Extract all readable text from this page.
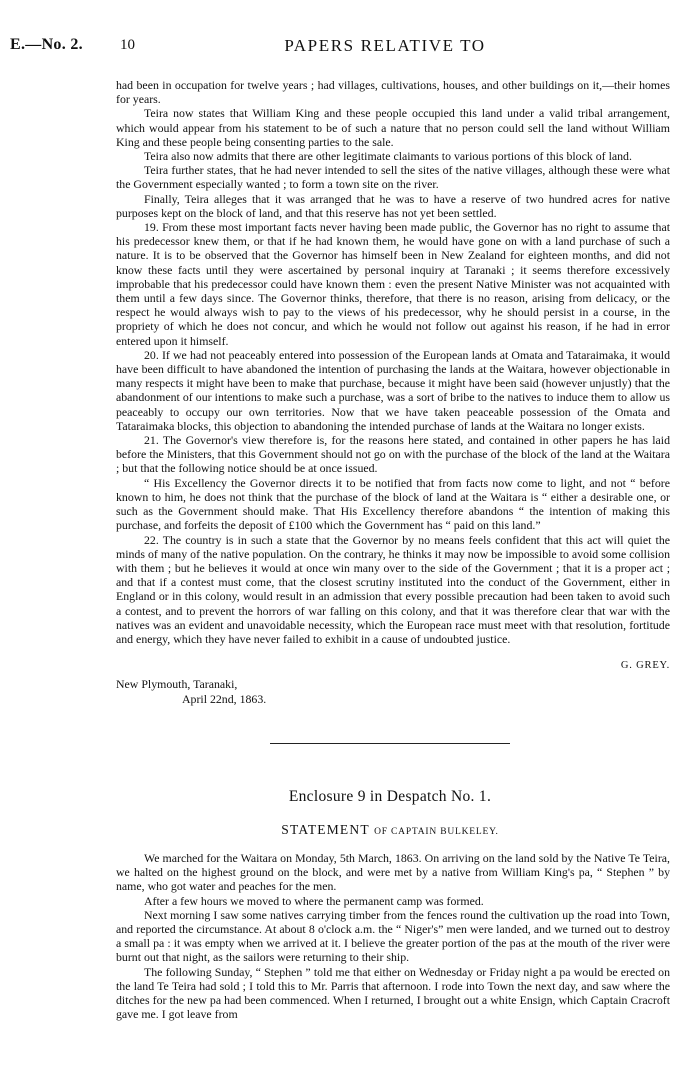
E.—No. 2. 10	PAPERS RELATIVE TO

had been in occupation for twelve years ; had villages, cultivations, houses, and other buildings on it,—their homes for years.

Teira now states that William King and these people occupied this land under a valid tribal arrangement, which would appear from his statement to be of such a nature that no person could sell the land without William King and these people being consenting parties to the sale.

Teira also now admits that there are other legitimate claimants to various portions of this block of land.

Teira further states, that he had never intended to sell the sites of the native villages, although these were what the Government especially wanted ; to form a town site on the river.

Finally, Teira alleges that it was arranged that he was to have a reserve of two hundred acres for native purposes kept on the block of land, and that this reserve has not yet been settled.

19. From these most important facts never having been made public, the Governor has no right to assume that his predecessor knew them, or that if he had known them, he would have gone on with a land purchase of such a nature. It is to be observed that the Governor has himself been in New Zealand for eighteen months, and did not know these facts until they were ascertained by personal inquiry at Taranaki ; it seems therefore excessively improbable that his predecessor could have known them : even the present Native Minister was not acquainted with them until a few days since. The Governor thinks, therefore, that there is no reason, arising from delicacy, or the respect he would always wish to pay to the views of his predecessor, why he should persist in a course, in the propriety of which he does not concur, and which he would not follow out against his reason, if he had in error entered upon it himself.

20. If we had not peaceably entered into possession of the European lands at Omata and Tataraimaka, it would have been difficult to have abandoned the intention of purchasing the lands at the Waitara, however objectionable in many respects it might have been to make that purchase, because it might have been said (however unjustly) that the abandonment of our intentions to make such a purchase, was a sort of bribe to the natives to induce them to allow us peaceably to occupy our own territories. Now that we have taken peaceable possession of the Omata and Tataraimaka blocks, this objection to abandoning the intended purchase of lands at the Waitara no longer exists.

21. The Governor's view therefore is, for the reasons here stated, and contained in other papers he has laid before the Ministers, that this Government should not go on with the purchase of the block of the land at the Waitara ; but that the following notice should be at once issued.

“ His Excellency the Governor directs it to be notified that from facts now come to light, and not “ before known to him, he does not think that the purchase of the block of land at the Waitara is “ either a desirable one, or such as the Government should make. That His Excellency therefore abandons “ the intention of making this purchase, and forfeits the deposit of £100 which the Government has “ paid on this land.”

22. The country is in such a state that the Governor by no means feels confident that this act will quiet the minds of many of the native population. On the contrary, he thinks it may now be impossible to avoid some collision with them ; but he believes it would at once win many over to the side of the Government ; that it is a proper act ; and that if a contest must come, that the closest scrutiny instituted into the conduct of the Government, either in England or in this colony, would result in an admission that every possible precaution had been taken to avoid such a contest, and to prevent the horrors of war falling on this colony, and that it was therefore clear that war with the natives was an evident and unavoidable necessity, which the European race must meet with that resolution, fortitude and energy, which they have never failed to exhibit in a cause of undoubted justice.

G. GREY.

New Plymouth, Taranaki,

April 22nd, 1863.

Enclosure 9 in Despatch No. 1.
STATEMENT OF CAPTAIN BULKELEY.

We marched for the Waitara on Monday, 5th March, 1863. On arriving on the land sold by the Native Te Teira, we halted on the highest ground on the block, and were met by a native from William King's pa, “ Stephen ” by name, who got water and peaches for the men.

After a few hours we moved to where the permanent camp was formed.

Next morning I saw some natives carrying timber from the fences round the cultivation up the road into Town, and reported the circumstance. At about 8 o'clock a.m. the “ Niger's” men were landed, and we turned out to destroy a small pa : it was empty when we arrived at it. I believe the greater portion of the pas at the mouth of the river were burnt out that night, as the sailors were returning to their ship.

The following Sunday, “ Stephen ” told me that either on Wednesday or Friday night a pa would be erected on the land Te Teira had sold ; I told this to Mr. Parris that afternoon. I rode into Town the next day, and saw where the ditches for the new pa had been commenced. When I returned, I brought out a white Ensign, which Captain Cracroft gave me. I got leave from
